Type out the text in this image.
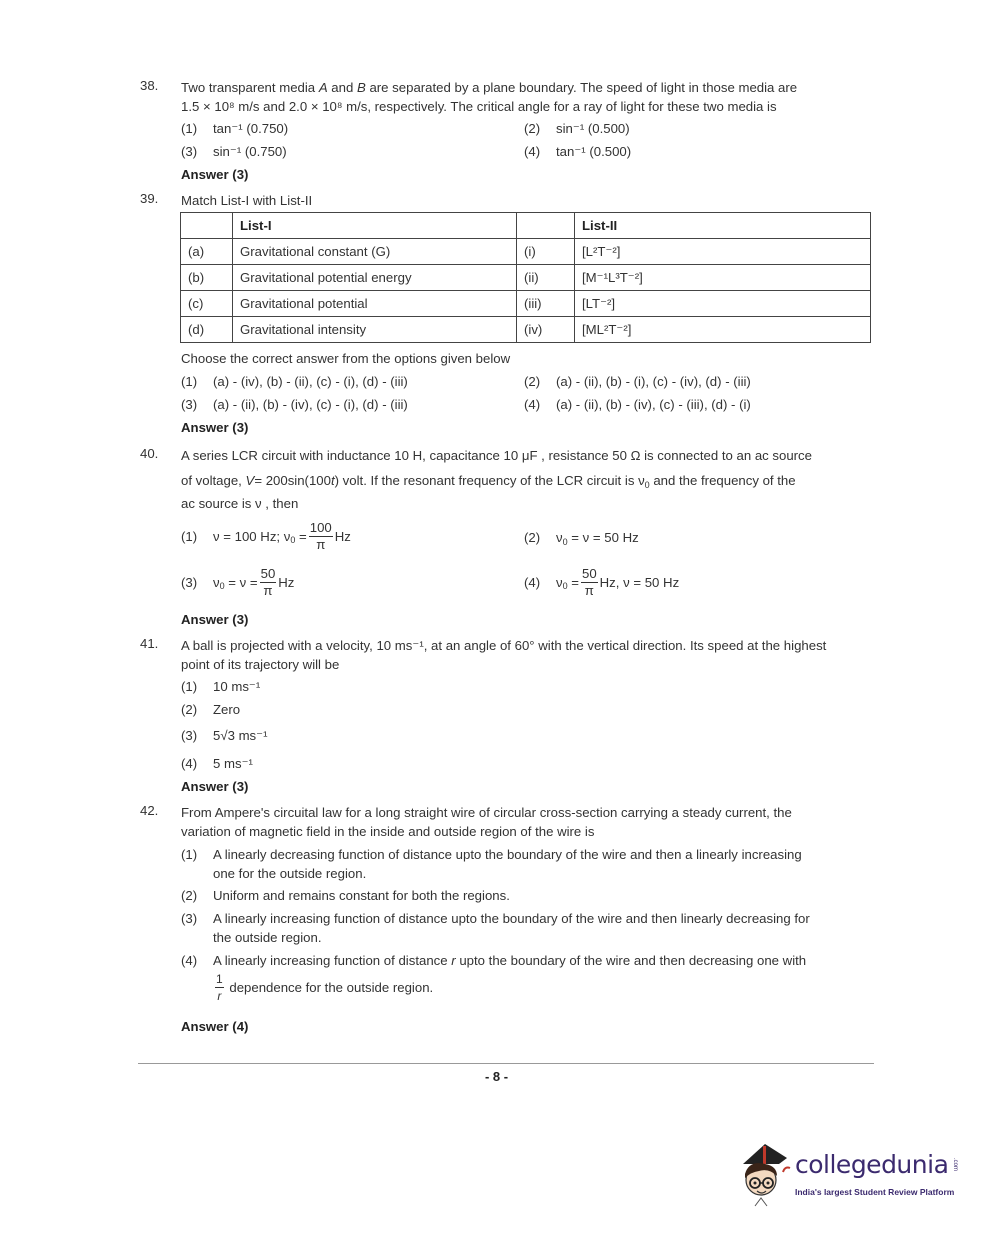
38. Two transparent media A and B are separated by a plane boundary. The speed of light in those media are
1.5 × 10⁸ m/s and 2.0 × 10⁸ m/s, respectively. The critical angle for a ray of light for these two media is
(1) tan⁻¹ (0.750)	(2) sin⁻¹ (0.500)
(3) sin⁻¹ (0.750)	(4) tan⁻¹ (0.500)
Answer (3)
39. Match List-I with List-II
	List-I		List-II
(a)	Gravitational constant (G)	(i)	[L²T⁻²]
(b)	Gravitational potential energy	(ii)	[M⁻¹L³T⁻²]
(c)	Gravitational potential	(iii)	[LT⁻²]
(d)	Gravitational intensity	(iv)	[ML²T⁻²]
Choose the correct answer from the options given below
(1) (a) - (iv), (b) - (ii), (c) - (i), (d) - (iii)	(2) (a) - (ii), (b) - (i), (c) - (iv), (d) - (iii)
(3) (a) - (ii), (b) - (iv), (c) - (i), (d) - (iii)	(4) (a) - (ii), (b) - (iv), (c) - (iii), (d) - (i)
Answer (3)
40. A series LCR circuit with inductance 10 H, capacitance 10 μF , resistance 50 Ω is connected to an ac source
of voltage, V= 200sin(100t) volt. If the resonant frequency of the LCR circuit is $\nu_0$ and the frequency of the
ac source is ν , then
(1) ν = 100 Hz; $\nu_0 = \frac{100}{\pi}$ Hz	(2) $\nu_0 = \nu = 50$ Hz
(3) $\nu_0 = \nu = \frac{50}{\pi}$ Hz	(4) $\nu_0 = \frac{50}{\pi} Hz$, ν = 50 Hz
Answer (3)
41. A ball is projected with a velocity, 10 ms⁻¹, at an angle of 60° with the vertical direction. Its speed at the highest
point of its trajectory will be
(1) 10 ms⁻¹
(2) Zero
(3) 5√3 ms⁻¹
(4) 5 ms⁻¹
Answer (3)
42. From Ampere's circuital law for a long straight wire of circular cross-section carrying a steady current, the
variation of magnetic field in the inside and outside region of the wire is
(1) A linearly decreasing function of distance upto the boundary of the wire and then a linearly increasing
one for the outside region.
(2) Uniform and remains constant for both the regions.
(3) A linearly increasing function of distance upto the boundary of the wire and then linearly decreasing for
the outside region.
(4) A linearly increasing function of distance r upto the boundary of the wire and then decreasing one with
$\frac{1}{r}$ dependence for the outside region.
Answer (4)
- 8 -
collegedunia .com
India's largest Student Review Platform
